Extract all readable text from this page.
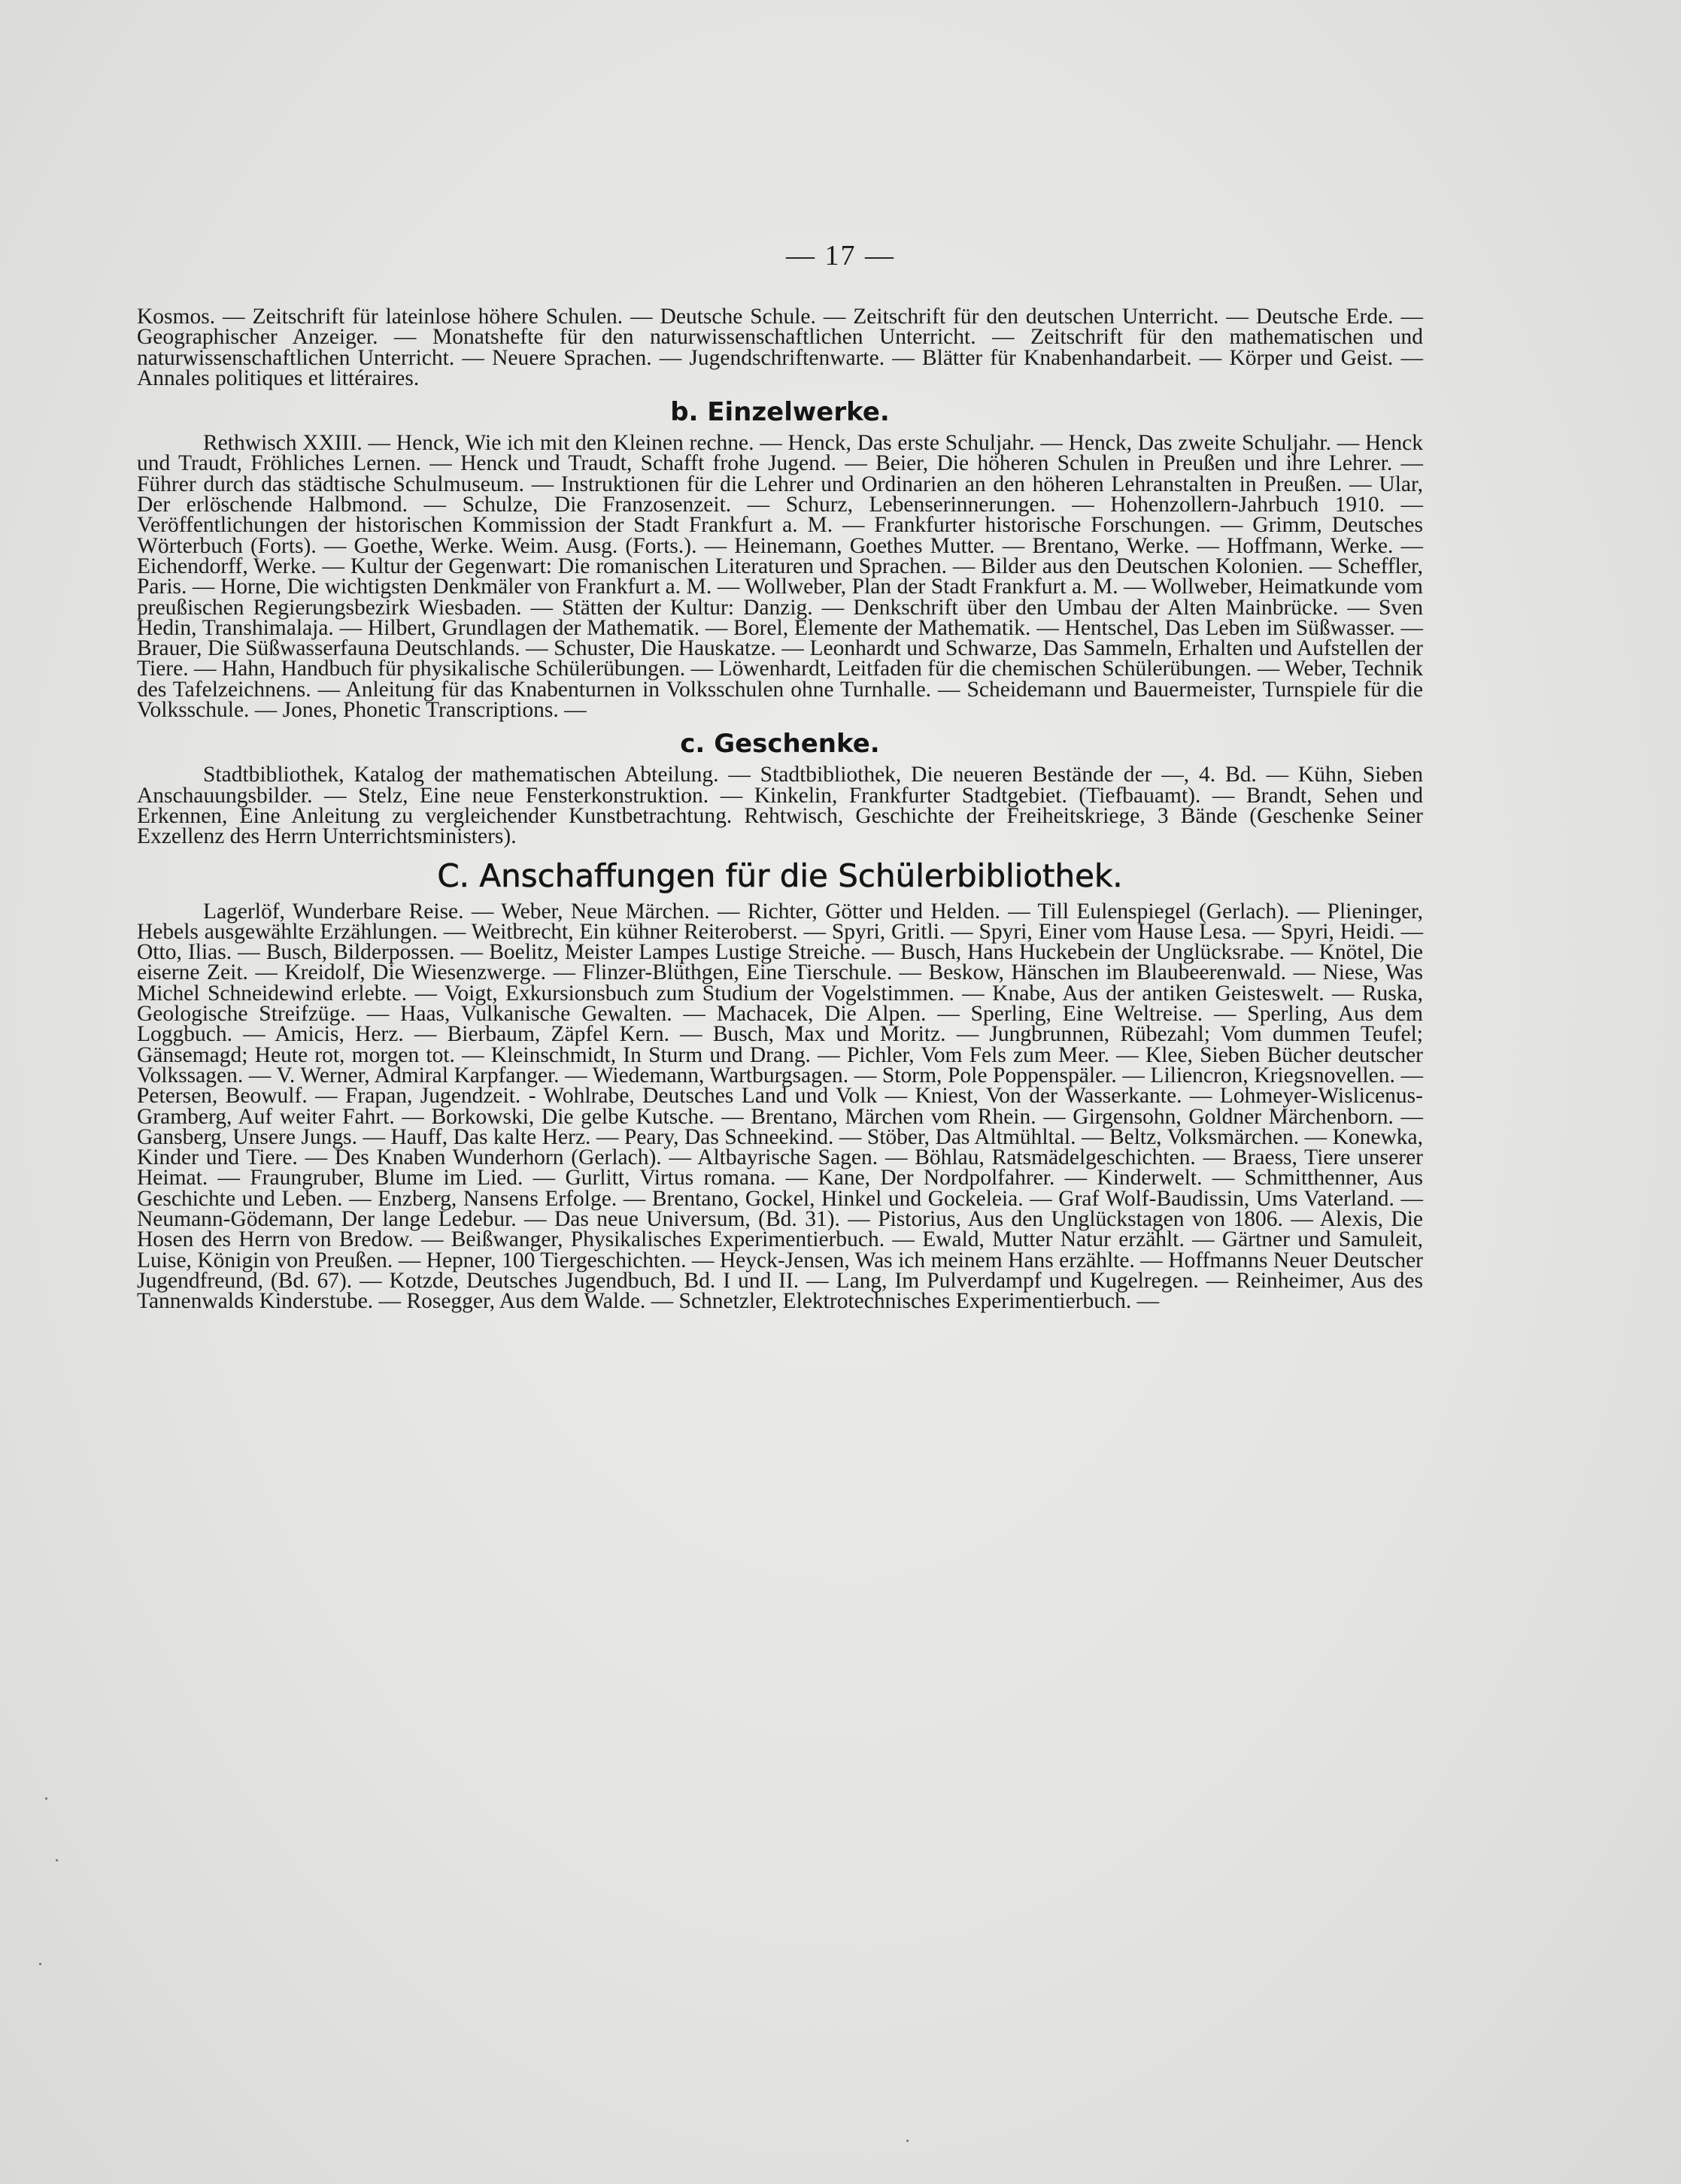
— 17 —

Kosmos. — Zeitschrift für lateinlose höhere Schulen. — Deutsche Schule. — Zeitschrift für den deutschen Unterricht. — Deutsche Erde. — Geographischer Anzeiger. — Monatshefte für den naturwissenschaftlichen Unterricht. — Zeitschrift für den mathematischen und naturwissenschaftlichen Unterricht. — Neuere Sprachen. — Jugendschriftenwarte. — Blätter für Knabenhandarbeit. — Körper und Geist. — Annales politiques et littéraires.

b. Einzelwerke.

Rethwisch XXIII. — Henck, Wie ich mit den Kleinen rechne. — Henck, Das erste Schuljahr. — Henck, Das zweite Schuljahr. — Henck und Traudt, Fröhliches Lernen. — Henck und Traudt, Schafft frohe Jugend. — Beier, Die höheren Schulen in Preußen und ihre Lehrer. — Führer durch das städtische Schulmuseum. — Instruktionen für die Lehrer und Ordinarien an den höheren Lehranstalten in Preußen. — Ular, Der erlöschende Halbmond. — Schulze, Die Franzosenzeit. — Schurz, Lebenserinnerungen. — Hohenzollern-Jahrbuch 1910. — Veröffentlichungen der historischen Kommission der Stadt Frankfurt a. M. — Frankfurter historische Forschungen. — Grimm, Deutsches Wörterbuch (Forts). — Goethe, Werke. Weim. Ausg. (Forts.). — Heinemann, Goethes Mutter. — Brentano, Werke. — Hoffmann, Werke. — Eichendorff, Werke. — Kultur der Gegenwart: Die romanischen Literaturen und Sprachen. — Bilder aus den Deutschen Kolonien. — Scheffler, Paris. — Horne, Die wichtigsten Denkmäler von Frankfurt a. M. — Wollweber, Plan der Stadt Frankfurt a. M. — Wollweber, Heimatkunde vom preußischen Regierungsbezirk Wiesbaden. — Stätten der Kultur: Danzig. — Denkschrift über den Umbau der Alten Mainbrücke. — Sven Hedin, Transhimalaja. — Hilbert, Grundlagen der Mathematik. — Borel, Elemente der Mathematik. — Hentschel, Das Leben im Süßwasser. — Brauer, Die Süßwasserfauna Deutschlands. — Schuster, Die Hauskatze. — Leonhardt und Schwarze, Das Sammeln, Erhalten und Aufstellen der Tiere. — Hahn, Handbuch für physikalische Schülerübungen. — Löwenhardt, Leitfaden für die chemischen Schülerübungen. — Weber, Technik des Tafelzeichnens. — Anleitung für das Knabenturnen in Volksschulen ohne Turnhalle. — Scheidemann und Bauermeister, Turnspiele für die Volksschule. — Jones, Phonetic Transcriptions. —

c. Geschenke.

Stadtbibliothek, Katalog der mathematischen Abteilung. — Stadtbibliothek, Die neueren Bestände der —, 4. Bd. — Kühn, Sieben Anschauungsbilder. — Stelz, Eine neue Fensterkonstruktion. — Kinkelin, Frankfurter Stadtgebiet. (Tiefbauamt). — Brandt, Sehen und Erkennen, Eine Anleitung zu vergleichender Kunstbetrachtung. Rehtwisch, Geschichte der Freiheitskriege, 3 Bände (Geschenke Seiner Exzellenz des Herrn Unterrichtsministers).

C. Anschaffungen für die Schülerbibliothek.

Lagerlöf, Wunderbare Reise. — Weber, Neue Märchen. — Richter, Götter und Helden. — Till Eulenspiegel (Gerlach). — Plieninger, Hebels ausgewählte Erzählungen. — Weitbrecht, Ein kühner Reiteroberst. — Spyri, Gritli. — Spyri, Einer vom Hause Lesa. — Spyri, Heidi. — Otto, Ilias. — Busch, Bilderpossen. — Boelitz, Meister Lampes Lustige Streiche. — Busch, Hans Huckebein der Unglücksrabe. — Knötel, Die eiserne Zeit. — Kreidolf, Die Wiesenzwerge. — Flinzer-Blüthgen, Eine Tierschule. — Beskow, Hänschen im Blaubeerenwald. — Niese, Was Michel Schneidewind erlebte. — Voigt, Exkursionsbuch zum Studium der Vogelstimmen. — Knabe, Aus der antiken Geisteswelt. — Ruska, Geologische Streifzüge. — Haas, Vulkanische Gewalten. — Machacek, Die Alpen. — Sperling, Eine Weltreise. — Sperling, Aus dem Loggbuch. — Amicis, Herz. — Bierbaum, Zäpfel Kern. — Busch, Max und Moritz. — Jungbrunnen, Rübezahl; Vom dummen Teufel; Gänsemagd; Heute rot, morgen tot. — Kleinschmidt, In Sturm und Drang. — Pichler, Vom Fels zum Meer. — Klee, Sieben Bücher deutscher Volkssagen. — V. Werner, Admiral Karpfanger. — Wiedemann, Wartburgsagen. — Storm, Pole Poppenspäler. — Liliencron, Kriegsnovellen. — Petersen, Beowulf. — Frapan, Jugendzeit. - Wohlrabe, Deutsches Land und Volk — Kniest, Von der Wasserkante. — Lohmeyer-Wislicenus-Gramberg, Auf weiter Fahrt. — Borkowski, Die gelbe Kutsche. — Brentano, Märchen vom Rhein. — Girgensohn, Goldner Märchenborn. — Gansberg, Unsere Jungs. — Hauff, Das kalte Herz. — Peary, Das Schneekind. — Stöber, Das Altmühltal. — Beltz, Volksmärchen. — Konewka, Kinder und Tiere. — Des Knaben Wunderhorn (Gerlach). — Altbayrische Sagen. — Böhlau, Ratsmädelgeschichten. — Braess, Tiere unserer Heimat. — Fraungruber, Blume im Lied. — Gurlitt, Virtus romana. — Kane, Der Nordpolfahrer. — Kinderwelt. — Schmitthenner, Aus Geschichte und Leben. — Enzberg, Nansens Erfolge. — Brentano, Gockel, Hinkel und Gockeleia. — Graf Wolf-Baudissin, Ums Vaterland. — Neumann-Gödemann, Der lange Ledebur. — Das neue Universum, (Bd. 31). — Pistorius, Aus den Unglückstagen von 1806. — Alexis, Die Hosen des Herrn von Bredow. — Beißwanger, Physikalisches Experimentierbuch. — Ewald, Mutter Natur erzählt. — Gärtner und Samuleit, Luise, Königin von Preußen. — Hepner, 100 Tiergeschichten. — Heyck-Jensen, Was ich meinem Hans erzählte. — Hoffmanns Neuer Deutscher Jugendfreund, (Bd. 67). — Kotzde, Deutsches Jugendbuch, Bd. I und II. — Lang, Im Pulverdampf und Kugelregen. — Reinheimer, Aus des Tannenwalds Kinderstube. — Rosegger, Aus dem Walde. — Schnetzler, Elektrotechnisches Experimentierbuch. —
